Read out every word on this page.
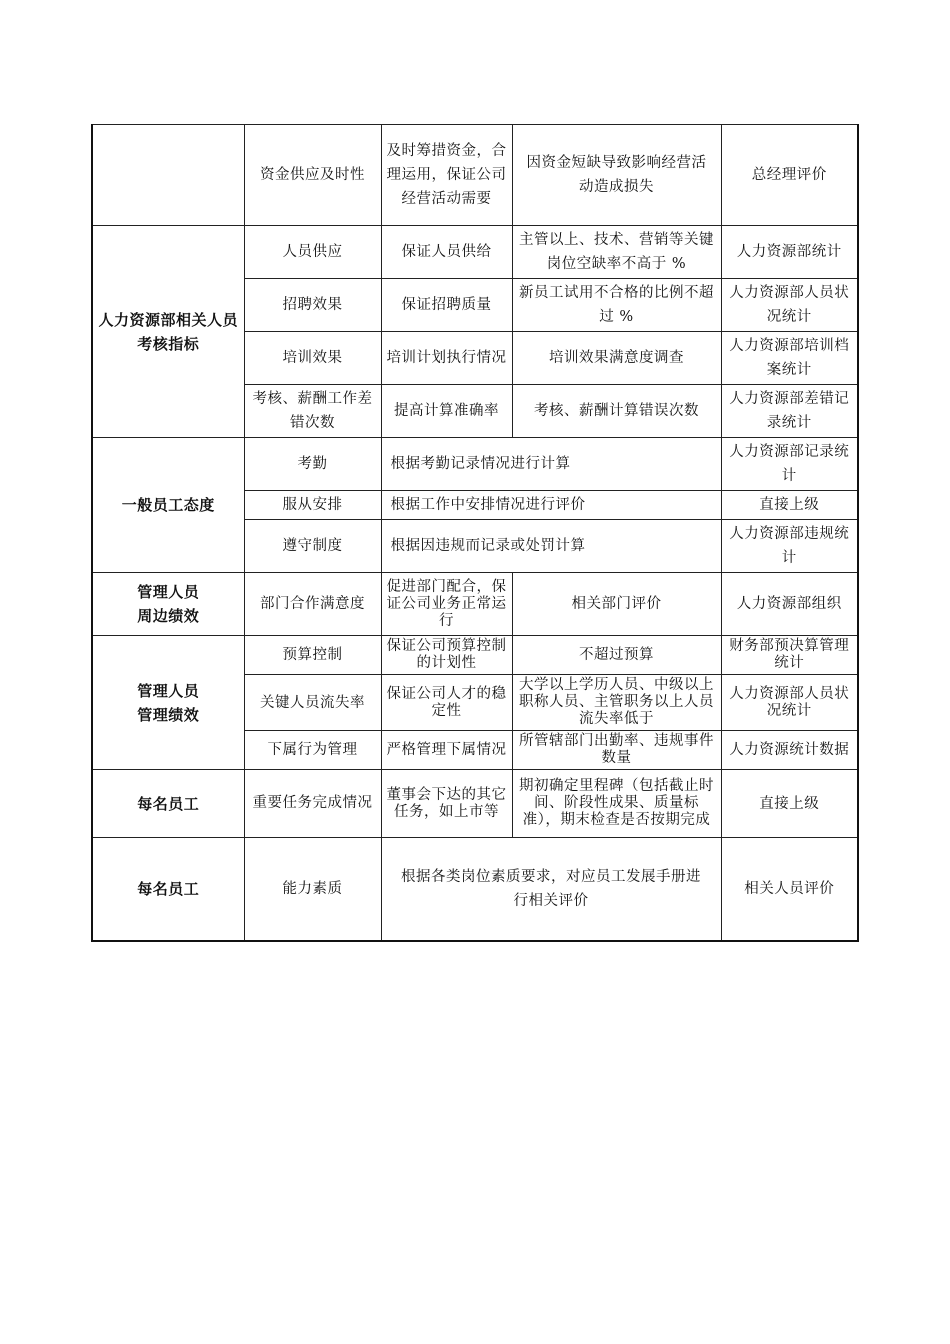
	资金供应及时性	及时筹措资金，合理运用，保证公司经营活动需要	因资金短缺导致影响经营活动造成损失	总经理评价
人力资源部相关人员考核指标	人员供应	保证人员供给	主管以上、技术、营销等关键岗位空缺率不高于 %	人力资源部统计
	招聘效果	保证招聘质量	新员工试用不合格的比例不超过 %	人力资源部人员状况统计
	培训效果	培训计划执行情况	培训效果满意度调查	人力资源部培训档案统计
	考核、薪酬工作差错次数	提高计算准确率	考核、薪酬计算错误次数	人力资源部差错记录统计
一般员工态度	考勤	根据考勤记录情况进行计算		人力资源部记录统计
	服从安排	根据工作中安排情况进行评价		直接上级
	遵守制度	根据因违规而记录或处罚计算		人力资源部违规统计
管理人员周边绩效	部门合作满意度	促进部门配合，保证公司业务正常运行	相关部门评价	人力资源部组织
管理人员管理绩效	预算控制	保证公司预算控制的计划性	不超过预算	财务部预决算管理统计
	关键人员流失率	保证公司人才的稳定性	大学以上学历人员、中级以上职称人员、主管职务以上人员流失率低于	人力资源部人员状况统计
	下属行为管理	严格管理下属情况	所管辖部门出勤率、违规事件数量	人力资源统计数据
每名员工	重要任务完成情况	董事会下达的其它任务，如上市等	期初确定里程碑（包括截止时间、阶段性成果、质量标准），期末检查是否按期完成	直接上级
每名员工	能力素质	根据各类岗位素质要求，对应员工发展手册进行相关评价		相关人员评价
